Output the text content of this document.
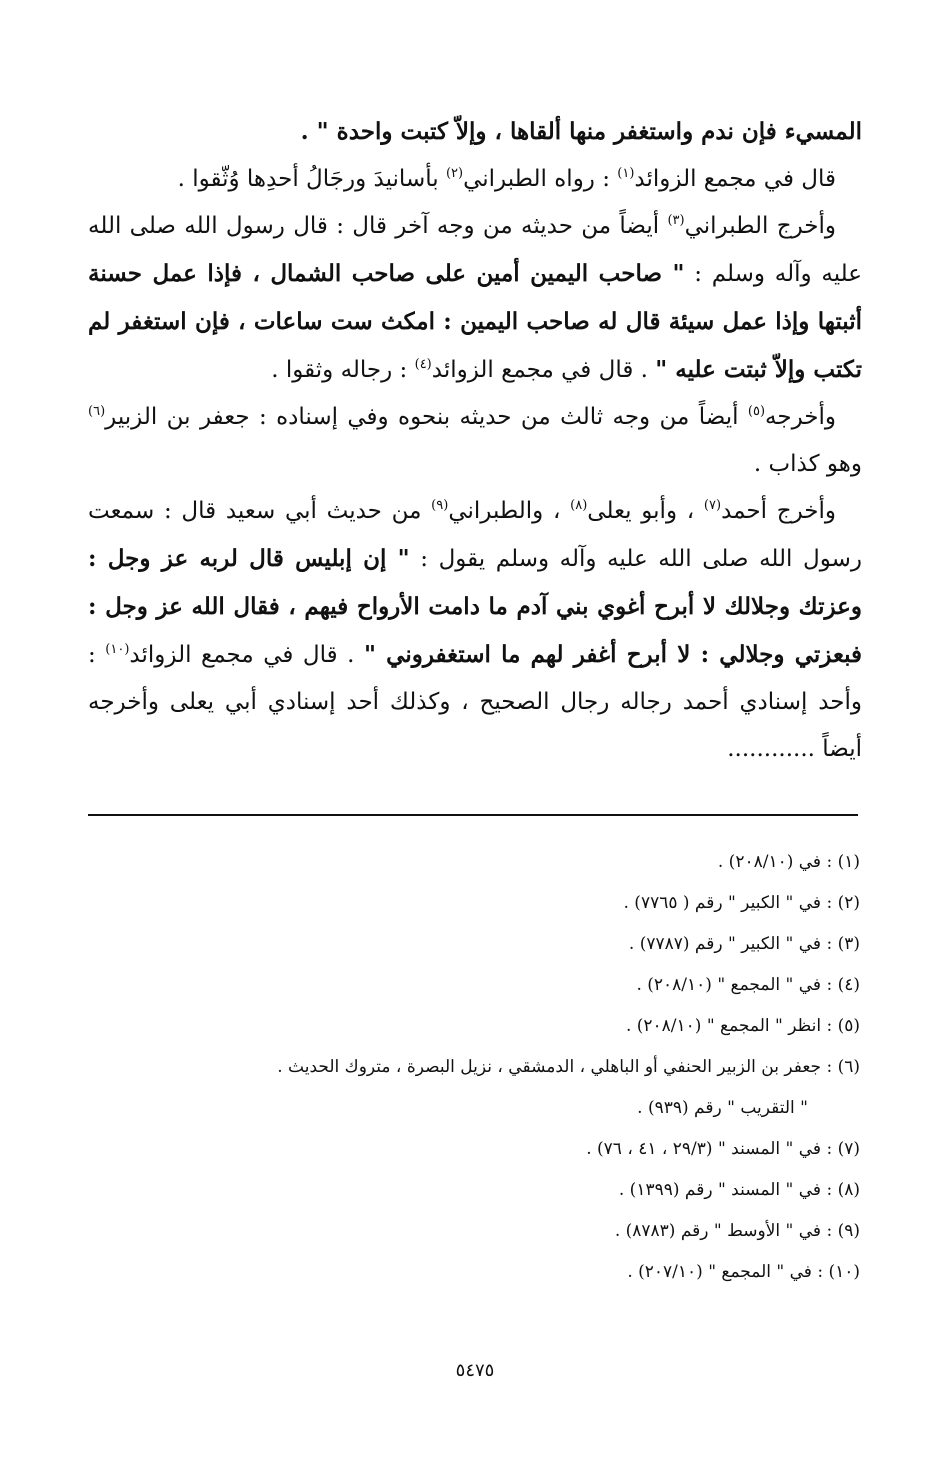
المسيء فإن ندم واستغفر منها ألقاها ، وإلاّ كتبت واحدة " .

قال في مجمع الزوائد$^{(١)}$ : رواه الطبراني$^{(٢)}$ بأسانيدَ ورجَالُ أحدِها وُثّقوا .

وأخرج الطبراني$^{(٣)}$ أيضاً من حديثه من وجه آخر قال : قال رسول الله صلى الله عليه وآله وسلم : " صاحب اليمين أمين على صاحب الشمال ، فإذا عمل حسنة أثبتها وإذا عمل سيئة قال له صاحب اليمين : امكث ست ساعات ، فإن استغفر لم تكتب وإلاّ ثبتت عليه " . قال في مجمع الزوائد$^{(٤)}$ : رجاله وثقوا .

وأخرجه$^{(٥)}$ أيضاً من وجه ثالث من حديثه بنحوه وفي إسناده : جعفر بن الزبير$^{(٦)}$ وهو كذاب .

وأخرج أحمد$^{(٧)}$ ، وأبو يعلى$^{(٨)}$ ، والطبراني$^{(٩)}$ من حديث أبي سعيد قال : سمعت رسول الله صلى الله عليه وآله وسلم يقول : " إن إبليس قال لربه عز وجل : وعزتك وجلالك لا أبرح أغوي بني آدم ما دامت الأرواح فيهم ، فقال الله عز وجل : فبعزتي وجلالي : لا أبرح أغفر لهم ما استغفروني " . قال في مجمع الزوائد$^{(١٠)}$ : وأحد إسنادي أحمد رجاله رجال الصحيح ، وكذلك أحد إسنادي أبي يعلى وأخرجه أيضاً ............

(١) : في (٢٠٨/١٠) .
(٢) : في " الكبير " رقم ( ٧٧٦٥) .
(٣) : في " الكبير " رقم (٧٧٨٧) .
(٤) : في " المجمع " (٢٠٨/١٠) .
(٥) : انظر " المجمع " (٢٠٨/١٠) .
(٦) : جعفر بن الزبير الحنفي أو الباهلي ، الدمشقي ، نزيل البصرة ، متروك الحديث .
" التقريب " رقم (٩٣٩) .
(٧) : في " المسند " (٢٩/٣ ، ٤١ ، ٧٦) .
(٨) : في " المسند " رقم (١٣٩٩) .
(٩) : في " الأوسط " رقم (٨٧٨٣) .
(١٠) : في " المجمع " (٢٠٧/١٠) .
٥٤٧٥
